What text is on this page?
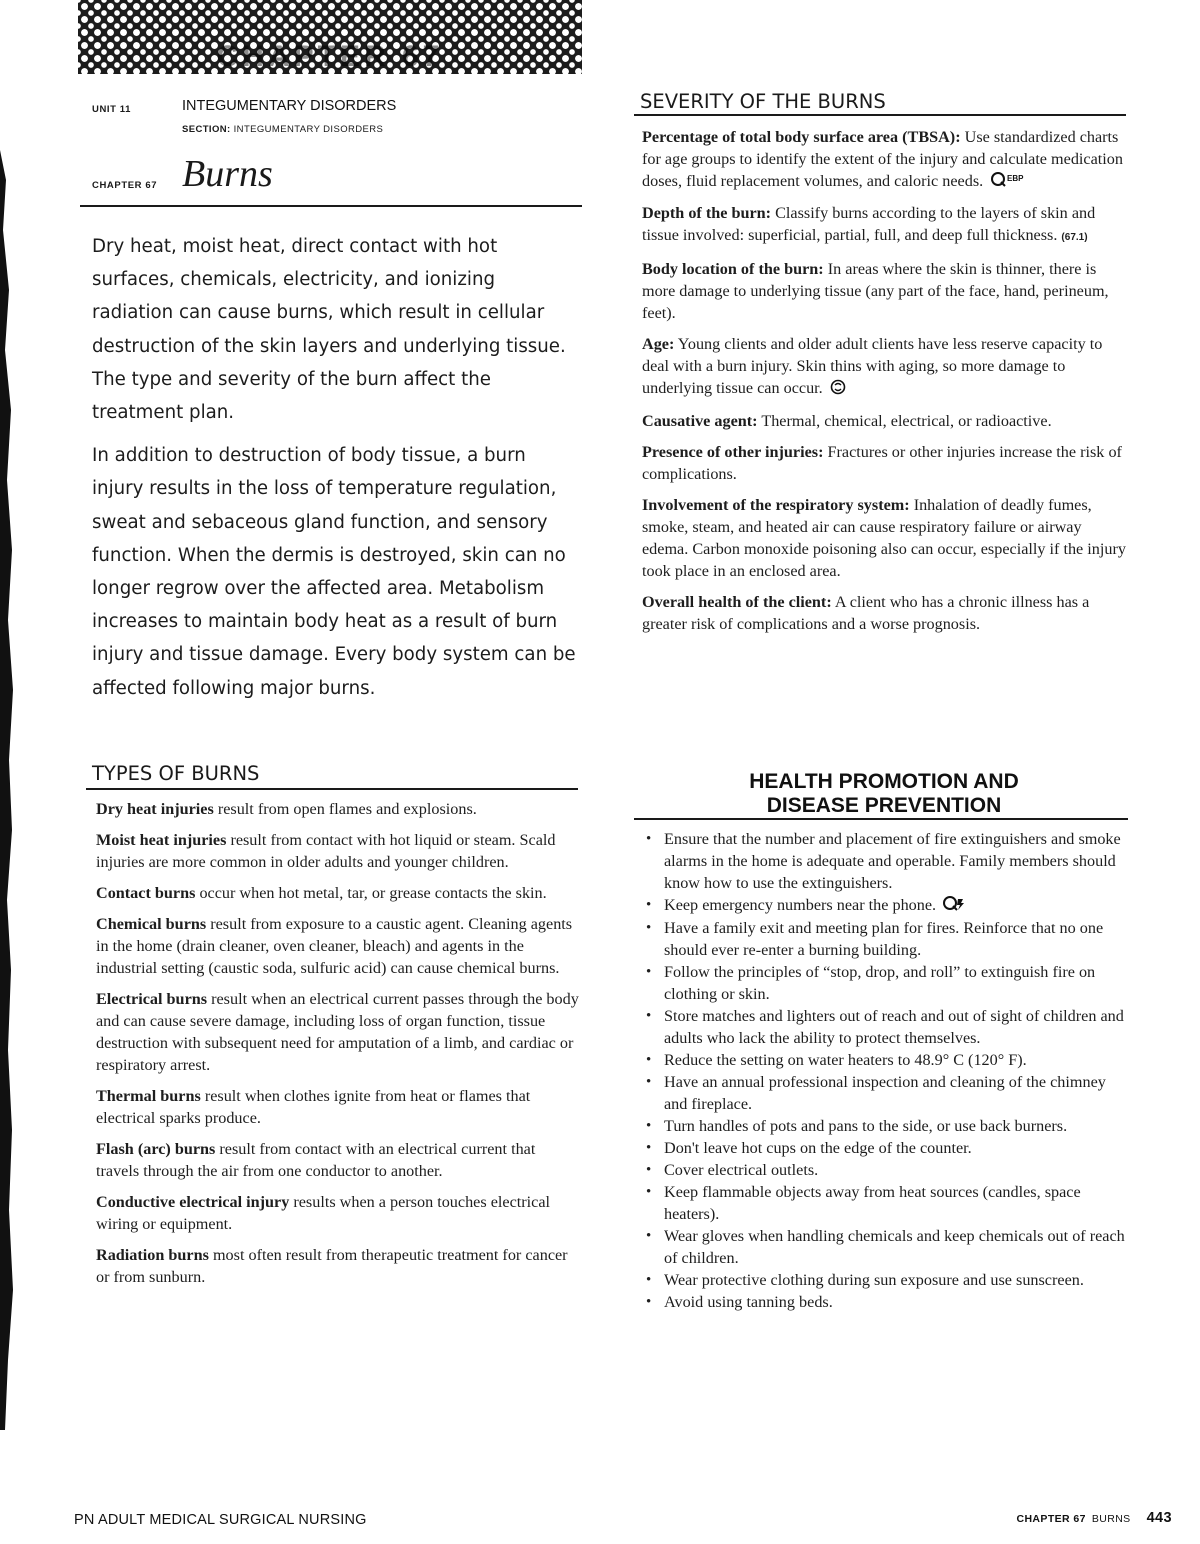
CHAPTER 67
UNIT 11	INTEGUMENTARY DISORDERS
SECTION: INTEGUMENTARY DISORDERS
CHAPTER 67 Burns

Dry heat, moist heat, direct contact with hot surfaces, chemicals, electricity, and ionizing radiation can cause burns, which result in cellular destruction of the skin layers and underlying tissue. The type and severity of the burn affect the treatment plan.

In addition to destruction of body tissue, a burn injury results in the loss of temperature regulation, sweat and sebaceous gland function, and sensory function. When the dermis is destroyed, skin can no longer regrow over the affected area. Metabolism increases to maintain body heat as a result of burn injury and tissue damage. Every body system can be affected following major burns.

TYPES OF BURNS

Dry heat injuries result from open flames and explosions.

Moist heat injuries result from contact with hot liquid or steam. Scald injuries are more common in older adults and younger children.

Contact burns occur when hot metal, tar, or grease contacts the skin.

Chemical burns result from exposure to a caustic agent. Cleaning agents in the home (drain cleaner, oven cleaner, bleach) and agents in the industrial setting (caustic soda, sulfuric acid) can cause chemical burns.

Electrical burns result when an electrical current passes through the body and can cause severe damage, including loss of organ function, tissue destruction with subsequent need for amputation of a limb, and cardiac or respiratory arrest.

Thermal burns result when clothes ignite from heat or flames that electrical sparks produce.

Flash (arc) burns result from contact with an electrical current that travels through the air from one conductor to another.

Conductive electrical injury results when a person touches electrical wiring or equipment.

Radiation burns most often result from therapeutic treatment for cancer or from sunburn.

SEVERITY OF THE BURNS

Percentage of total body surface area (TBSA): Use standardized charts for age groups to identify the extent of the injury and calculate medication doses, fluid replacement volumes, and caloric needs.	EBP

Depth of the burn: Classify burns according to the layers of skin and tissue involved: superficial, partial, full, and deep full thickness. (67.1)

Body location of the burn: In areas where the skin is thinner, there is more damage to underlying tissue (any part of the face, hand, perineum, feet).

Age: Young clients and older adult clients have less reserve capacity to deal with a burn injury. Skin thins with aging, so more damage to underlying tissue can occur.

Causative agent: Thermal, chemical, electrical, or radioactive.

Presence of other injuries: Fractures or other injuries increase the risk of complications.

Involvement of the respiratory system: Inhalation of deadly fumes, smoke, steam, and heated air can cause respiratory failure or airway edema. Carbon monoxide poisoning also can occur, especially if the injury took place in an enclosed area.

Overall health of the client: A client who has a chronic illness has a greater risk of complications and a worse prognosis.

HEALTH PROMOTION AND
DISEASE PREVENTION
• Ensure that the number and placement of fire extinguishers and smoke alarms in the home is adequate and operable. Family members should know how to use the extinguishers.
• Keep emergency numbers near the phone.
• Have a family exit and meeting plan for fires. Reinforce that no one should ever re-enter a burning building.
• Follow the principles of “stop, drop, and roll” to extinguish fire on clothing or skin.
• Store matches and lighters out of reach and out of sight of children and adults who lack the ability to protect themselves.
• Reduce the setting on water heaters to 48.9° C (120° F).
• Have an annual professional inspection and cleaning of the chimney and fireplace.
• Turn handles of pots and pans to the side, or use back burners.
• Don't leave hot cups on the edge of the counter.
• Cover electrical outlets.
• Keep flammable objects away from heat sources (candles, space heaters).
• Wear gloves when handling chemicals and keep chemicals out of reach of children.
• Wear protective clothing during sun exposure and use sunscreen.
• Avoid using tanning beds.
PN ADULT MEDICAL SURGICAL NURSING	CHAPTER 67 BURNS 443
